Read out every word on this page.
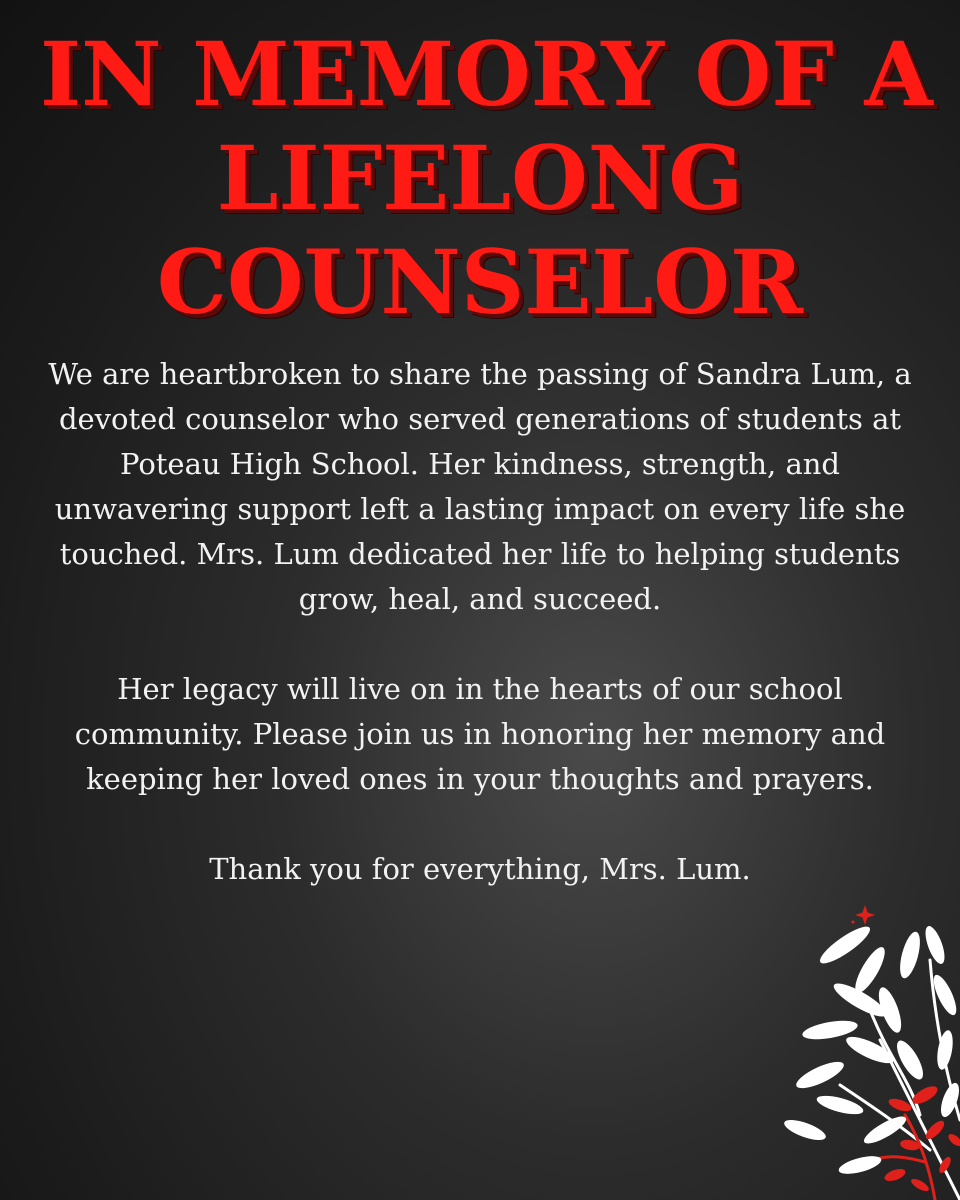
IN MEMORY OF A
LIFELONG
COUNSELOR

We are heartbroken to share the passing of Sandra Lum, a
devoted counselor who served generations of students at
Poteau High School. Her kindness, strength, and
unwavering support left a lasting impact on every life she
touched. Mrs. Lum dedicated her life to helping students
grow, heal, and succeed.

Her legacy will live on in the hearts of our school
community. Please join us in honoring her memory and
keeping her loved ones in your thoughts and prayers.

Thank you for everything, Mrs. Lum.
